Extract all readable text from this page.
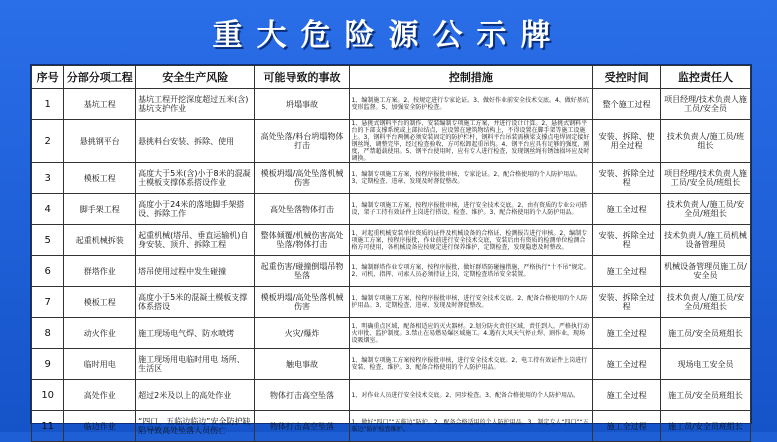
重大危险源公示牌
序号	分部分项工程	安全生产风险	可能导致的事故	控制措施	受控时间	监控责任人
1	基坑工程	基坑工程开挖深度超过五米(含)基坑支护作业	坍塌事故	1、编制施工方案。2、按规定进行专家论证。3、做好作业前安全技术交底。4、做好基坑变形监督。5、加强安全防护检查。	整个施工过程	项目经理/技术负责人施工员/安全员
2	悬挑钢平台	悬挑料台安装、拆除、使用	高处坠落/料台坍塌物体打击	1、悬挑式钢料平台的制作、安装编制专项施工方案，并进行设计计算。2、悬挑式钢料平台的下部支撑系统或上部拉结点，应设置在建筑物结构上，不得设置在脚手架等施工设施上。3、钢料平台两侧必须安装固定的防护栏杆，钢料平台吊装需横梁支撑点电焊固定接好钢丝绳，调整完毕，经过检查验收，方可松卸起重吊钩。4、钢平台应具有足够的强度、刚度，严禁超载使用。5、钢平台使用时，应有专人进行检查，发现钢丝绳有锈蚀损坏应及时调换。	安装、拆除、使用全过程	技术负责人/施工员/班组长
3	模板工程	高度大于5米(含)小于8米的混凝土模板支撑体系搭设作业	模板坍塌/高处坠落机械伤害	1、编制专项施工方案，按程序报批审核，专家论证。2、配合格使用的个人防护用品。3、定期检查、违章、发现及时督促整改。	安装、拆除全过程	项目经理/技术负责人施工员/安全员/班组长
4	脚手架工程	高度小于24米的落地脚手架搭设、拆除工作	高处坠落物体打击	1、编制专项施工方案，按程序报批审核，进行安全技术交底。2、由有资质的专业公司搭设，架子工持有效证件上岗进行搭设、检查、维护。3、配合格使用的个人防护用品。	施工全过程	技术负责人/施工员/安全员/班组长
5	起重机械拆装	起重机械(塔吊、垂直运输机)自身安装、顶升、拆除工程	整体倾覆/机械伤害高处坠落/物体打击	1、对起重机械安装单位资质的证件及机械设备的合格证、检测报告进行审核。2、编制专项施工方案，按程序报批，作业前进行安全技术交底，安装后由有资质的检测单位检测合格方可使用，各机械设备应按规定进行保养维护，定期检查，发现隐患及时整改。	安装、拆除全过程	技术负责人/施工员机械设备管理员
6	群塔作业	塔吊使用过程中发生碰撞	起重伤害/碰撞倒塌吊物坠落	1、编制群塔作业专项方案，按程序报批，做好群塔防碰撞措施，严格执行“十不吊”规定。2、司机、指挥、司索人员必须持证上岗，定期检查塔吊安全装置。	施工全过程	机械设备管理员施工员/安全员
7	模板工程	高度小于5米的混凝土模板支撑体系搭设	模板坍塌/高处坠落机械伤害	1、编制专项施工方案，按程序报批审核，进行安全技术交底。2、配备合格使用的个人防护用品。3、定期检查、违章、发现及时督促整改。	安装、拆除全过程	技术负责人/施工员/安全员/班组长
8	动火作业	施工现场电气焊、防水喷烤	火灾/爆炸	1、明确重点区域，配备相适应的灭火器材。2.划分防火责任区域，责任到人，严格执行动火审批、监护制度。3.禁止在易燃易爆区域施工。4.遇有大风天气停止焊、割作业，现场设吸烟室。	施工全过程	施工员/安全员班组长
9	临时用电	施工现场用电临时用电 场所、生活区	触电事故	1、编制专项施工方案按程序报批审核，进行安全技术交底。2、电工持有效证件上岗进行安装、检查、维护。3、配备合格使用的个人防护用品。	施工全过程	现场电工安全员
10	高处作业	超过2米及以上的高处作业	物体打击高空坠落	1、对作业人员进行安全技术交底。2、同步检查。3、配备合格使用的个人防护用品。	施工全过程	施工员/安全员班组长
11	临边作业	“四口、五临边临边”安全防护缺陷导致高处坠落人员伤亡	物体打击高空坠落	1、做好“四口”“五临边”防护。2、配备合格适用的个人防护用品。3、制定专人“四口”“五临边”防护检查维护。	施工全过程	施工员/安全员班组长
